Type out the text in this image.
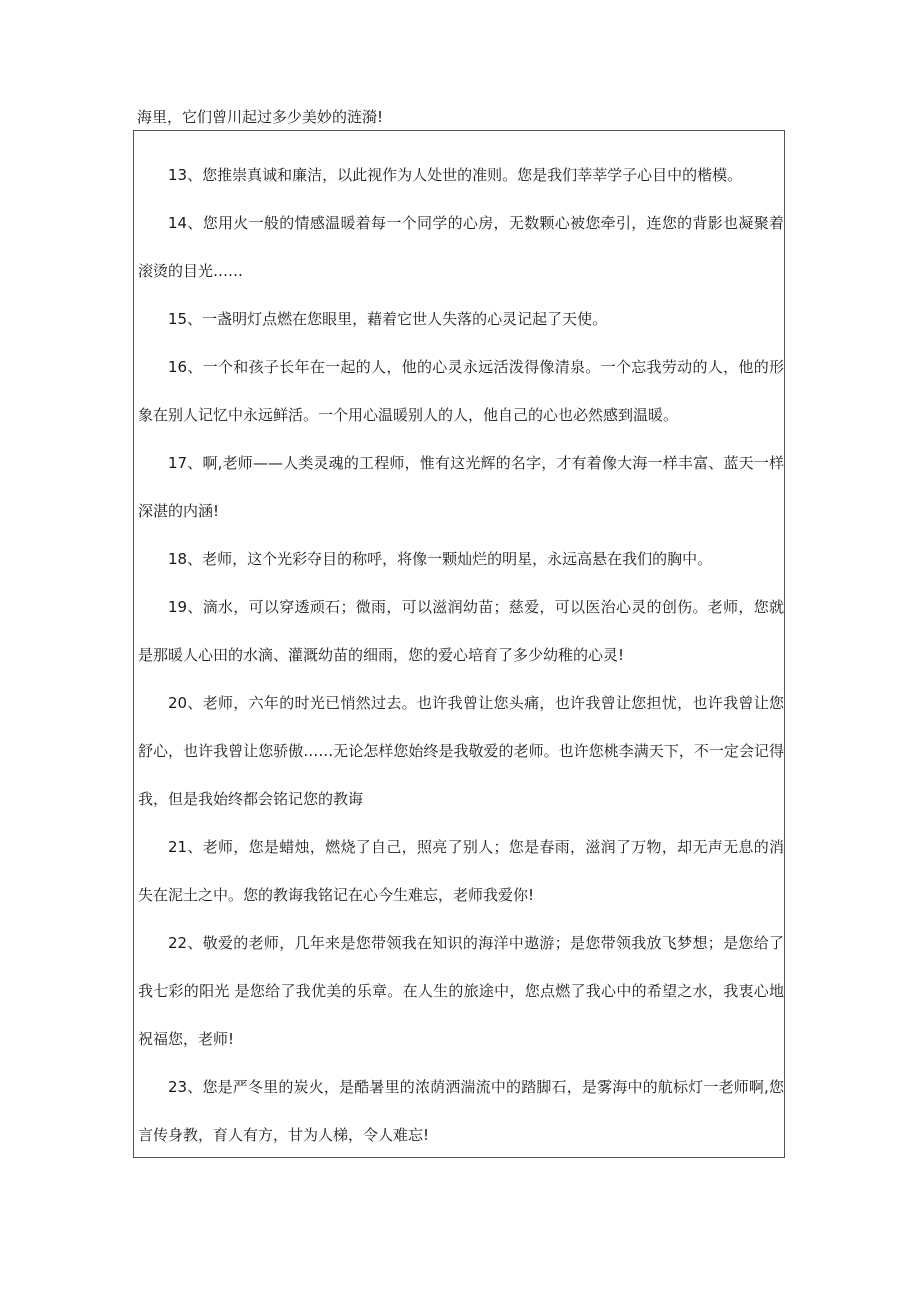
海里，它们曾川起过多少美妙的涟漪!

13、您推崇真诚和廉洁，以此视作为人处世的准则。您是我们莘莘学子心目中的楷模。

14、您用火一般的情感温暖着每一个同学的心房，无数颗心被您牵引，连您的背影也凝聚着滚烫的目光……

15、一盏明灯点燃在您眼里，藉着它世人失落的心灵记起了天使。

16、一个和孩子长年在一起的人，他的心灵永远活泼得像清泉。一个忘我劳动的人，他的形象在别人记忆中永远鲜活。一个用心温暖别人的人，他自己的心也必然感到温暖。

17、啊,老师——人类灵魂的工程师，惟有这光辉的名字，才有着像大海一样丰富、蓝天一样深湛的内涵!

18、老师，这个光彩夺目的称呼，将像一颗灿烂的明星，永远高悬在我们的胸中。

19、滴水，可以穿透顽石；微雨，可以滋润幼苗；慈爱，可以医治心灵的创伤。老师，您就是那暖人心田的水滴、灌溉幼苗的细雨，您的爱心培育了多少幼稚的心灵!

20、老师，六年的时光已悄然过去。也许我曾让您头痛，也许我曾让您担忧，也许我曾让您舒心，也许我曾让您骄傲……无论怎样您始终是我敬爱的老师。也许您桃李满天下，不一定会记得我，但是我始终都会铭记您的教诲

21、老师，您是蜡烛，燃烧了自己，照亮了别人；您是春雨，滋润了万物，却无声无息的消失在泥土之中。您的教诲我铭记在心今生难忘，老师我爱你!

22、敬爱的老师，几年来是您带领我在知识的海洋中遨游；是您带领我放飞梦想；是您给了我七彩的阳光 是您给了我优美的乐章。在人生的旅途中，您点燃了我心中的希望之水，我衷心地祝福您，老师!

23、您是严冬里的炭火，是酷暑里的浓荫洒湍流中的踏脚石，是雾海中的航标灯一老师啊,您言传身教，育人有方，甘为人梯，令人难忘!
